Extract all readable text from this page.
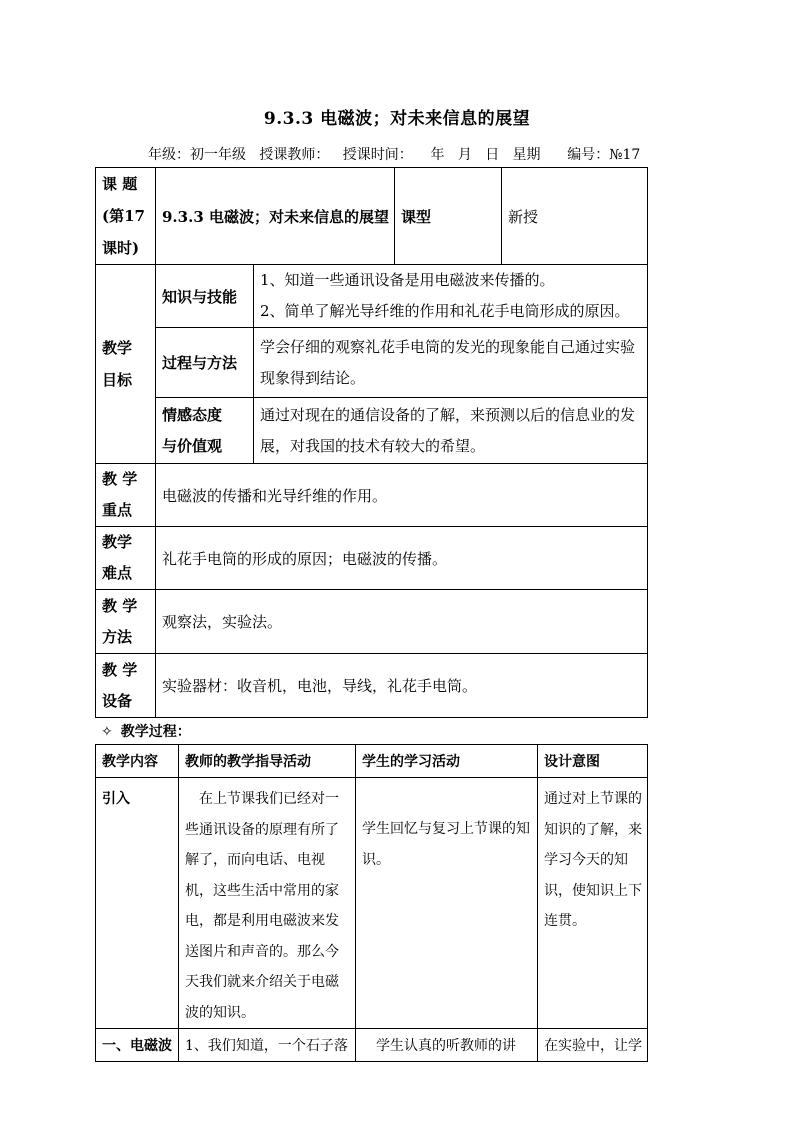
9.3.3 电磁波；对未来信息的展望
年级：初一年级   授课教师：   授课时间：    年   月   日   星期      编号：№17
课 题
(第17
课时)	9.3.3 电磁波；对未来信息的展望		课型	新授
教学
目标	知识与技能	1、知道一些通讯设备是用电磁波来传播的。
2、简单了解光导纤维的作用和礼花手电筒形成的原因。		
	过程与方法	学会仔细的观察礼花手电筒的发光的现象能自己通过实验现象得到结论。		
	情感态度
与价值观	通过对现在的通信设备的了解，来预测以后的信息业的发展，对我国的技术有较大的希望。		
教 学
重点	电磁波的传播和光导纤维的作用。			
教学
难点	礼花手电筒的形成的原因；电磁波的传播。			
教 学
方法	观察法，实验法。			
教 学
设备	实验器材：收音机，电池，导线，礼花手电筒。			
✧ 教学过程：
教学内容	教师的教学指导活动	学生的学习活动	设计意图
引入	　在上节课我们已经对一些通讯设备的原理有所了解了，而向电话、电视机，这些生活中常用的家电，都是利用电磁波来发送图片和声音的。那么今天我们就来介绍关于电磁波的知识。	学生回忆与复习上节课的知识。	通过对上节课的知识的了解，来学习今天的知识，使知识上下连贯。
一、电磁波	1、我们知道，一个石子落	　学生认真的听教师的讲	在实验中，让学
